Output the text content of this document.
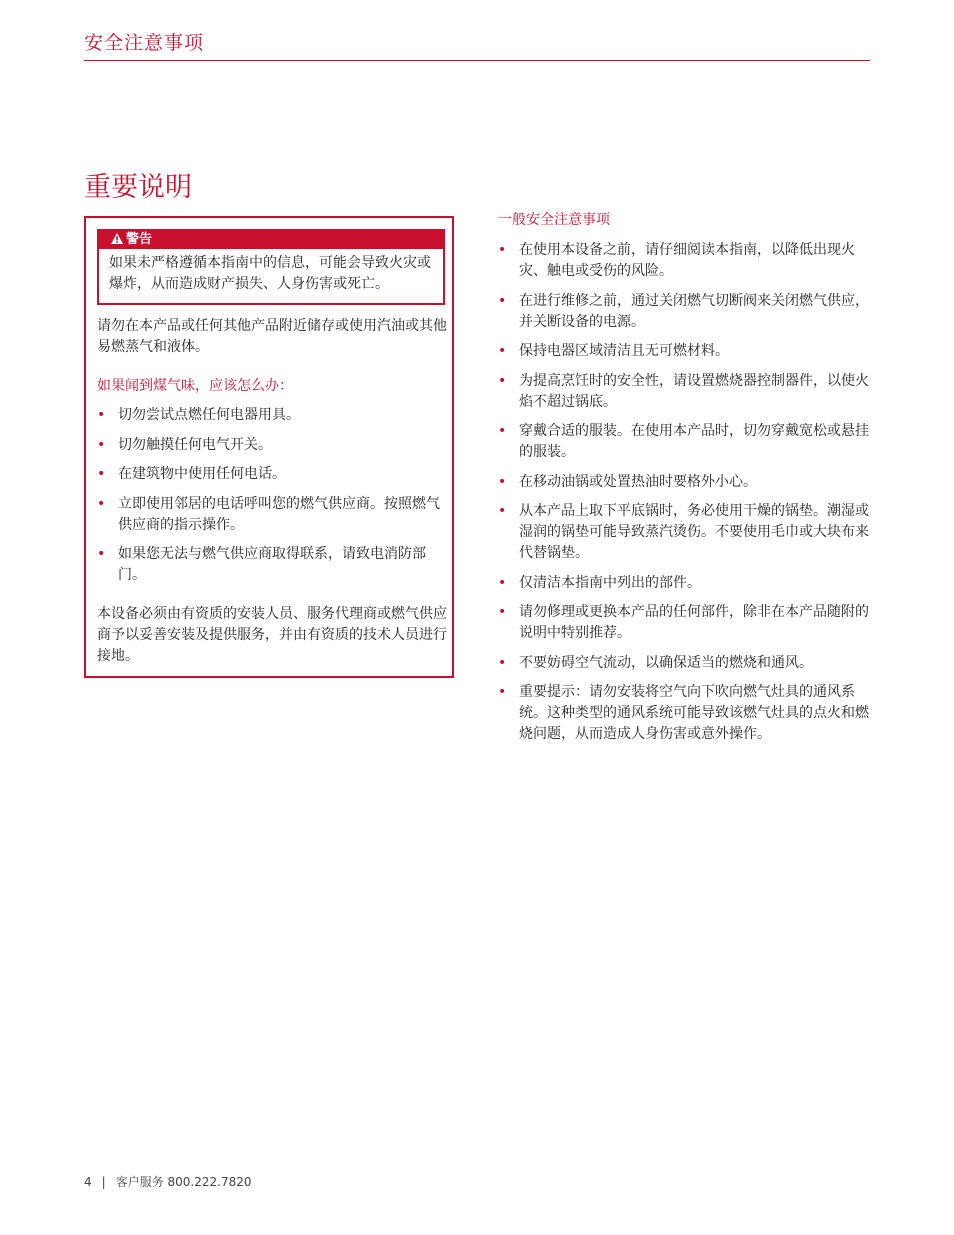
安全注意事项
重要说明
警告

如果未严格遵循本指南中的信息，可能会导致火灾或爆炸，从而造成财产损失、人身伤害或死亡。

请勿在本产品或任何其他产品附近储存或使用汽油或其他易燃蒸气和液体。

如果闻到煤气味，应该怎么办：
• 切勿尝试点燃任何电器用具。
• 切勿触摸任何电气开关。
• 在建筑物中使用任何电话。
• 立即使用邻居的电话呼叫您的燃气供应商。按照燃气供应商的指示操作。
• 如果您无法与燃气供应商取得联系，请致电消防部门。

本设备必须由有资质的安装人员、服务代理商或燃气供应商予以妥善安装及提供服务，并由有资质的技术人员进行接地。

一般安全注意事项
• 在使用本设备之前，请仔细阅读本指南，以降低出现火灾、触电或受伤的风险。
• 在进行维修之前，通过关闭燃气切断阀来关闭燃气供应，并关断设备的电源。
• 保持电器区域清洁且无可燃材料。
• 为提高烹饪时的安全性，请设置燃烧器控制器件，以使火焰不超过锅底。
• 穿戴合适的服装。在使用本产品时，切勿穿戴宽松或悬挂的服装。
• 在移动油锅或处置热油时要格外小心。
• 从本产品上取下平底锅时，务必使用干燥的锅垫。潮湿或湿润的锅垫可能导致蒸汽烫伤。不要使用毛巾或大块布来代替锅垫。
• 仅清洁本指南中列出的部件。
• 请勿修理或更换本产品的任何部件，除非在本产品随附的说明中特别推荐。
• 不要妨碍空气流动，以确保适当的燃烧和通风。
• 重要提示：请勿安装将空气向下吹向燃气灶具的通风系统。这种类型的通风系统可能导致该燃气灶具的点火和燃烧问题，从而造成人身伤害或意外操作。
4 | 客户服务 800.222.7820
